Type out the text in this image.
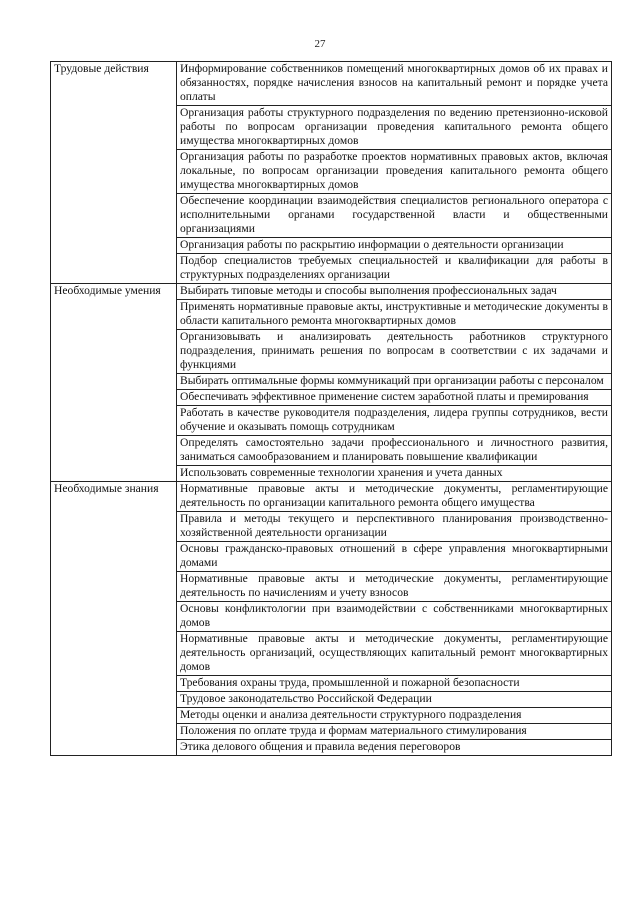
27
Трудовые действия	Информирование собственников помещений многоквартирных домов об их правах и обязанностях, порядке начисления взносов на капитальный ремонт и порядке учета оплаты
	Организация работы структурного подразделения по ведению претензионно-исковой работы по вопросам организации проведения капитального ремонта общего имущества многоквартирных домов
	Организация работы по разработке проектов нормативных правовых актов, включая локальные, по вопросам организации проведения капитального ремонта общего имущества многоквартирных домов
	Обеспечение координации взаимодействия специалистов регионального оператора с исполнительными органами государственной власти и общественными организациями
	Организация работы по раскрытию информации о деятельности организации
	Подбор специалистов требуемых специальностей и квалификации для работы в структурных подразделениях организации
Необходимые умения	Выбирать типовые методы и способы выполнения профессиональных задач
	Применять нормативные правовые акты, инструктивные и методические документы в области капитального ремонта многоквартирных домов
	Организовывать и анализировать деятельность работников структурного подразделения, принимать решения по вопросам в соответствии с их задачами и функциями
	Выбирать оптимальные формы коммуникаций при организации работы с персоналом
	Обеспечивать эффективное применение систем заработной платы и премирования
	Работать в качестве руководителя подразделения, лидера группы сотрудников, вести обучение и оказывать помощь сотрудникам
	Определять самостоятельно задачи профессионального и личностного развития, заниматься самообразованием и планировать повышение квалификации
	Использовать современные технологии хранения и учета данных
Необходимые знания	Нормативные правовые акты и методические документы, регламентирующие деятельность по организации капитального ремонта общего имущества
	Правила и методы текущего и перспективного планирования производственно-хозяйственной деятельности организации
	Основы гражданско-правовых отношений в сфере управления многоквартирными домами
	Нормативные правовые акты и методические документы, регламентирующие деятельность по начислениям и учету взносов
	Основы конфликтологии при взаимодействии с собственниками многоквартирных домов
	Нормативные правовые акты и методические документы, регламентирующие деятельность организаций, осуществляющих капитальный ремонт многоквартирных домов
	Требования охраны труда, промышленной и пожарной безопасности
	Трудовое законодательство Российской Федерации
	Методы оценки и анализа деятельности структурного подразделения
	Положения по оплате труда и формам материального стимулирования
	Этика делового общения и правила ведения переговоров
